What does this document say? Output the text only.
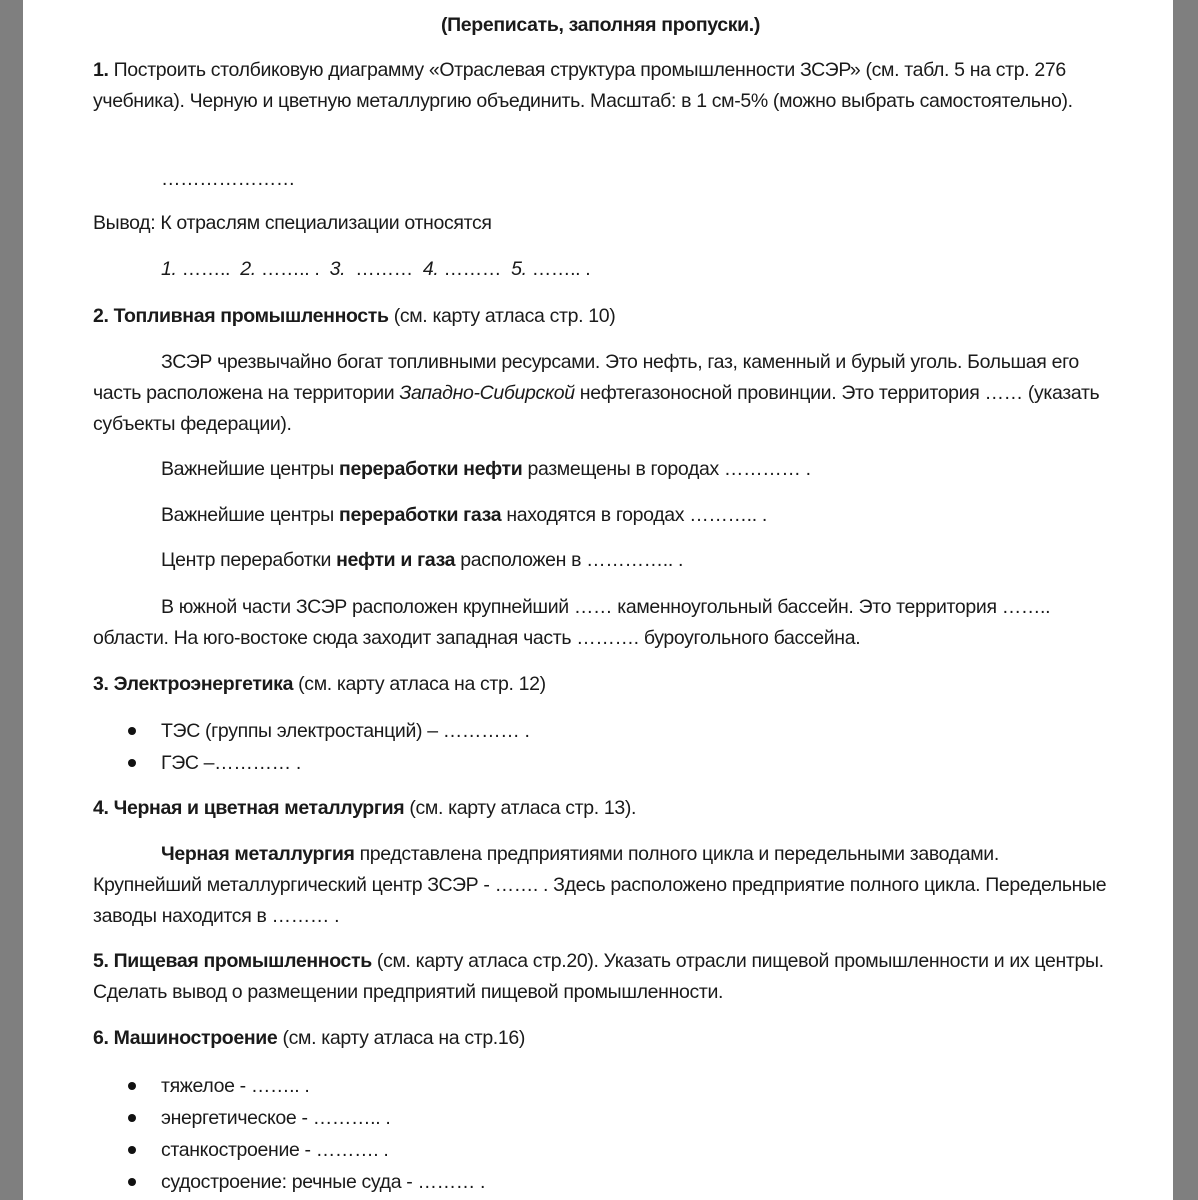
(Переписать, заполняя пропуски.)

1. Построить столбиковую диаграмму «Отраслевая структура промышленности ЗСЭР» (см. табл. 5 на стр. 276 учебника). Черную и цветную металлургию объединить. Масштаб: в 1 см-5% (можно выбрать самостоятельно).

…………………

Вывод: К отраслям специализации относятся

1. ……..  2. …….. .  3.  ………  4. ………  5. …….. .

2. Топливная промышленность (см. карту атласа стр. 10)

ЗСЭР чрезвычайно богат топливными ресурсами. Это нефть, газ, каменный и бурый уголь. Большая его часть расположена на территории Западно-Сибирской нефтегазоносной провинции. Это территория …… (указать субъекты федерации).

Важнейшие центры переработки нефти размещены в городах ………… .

Важнейшие центры переработки газа находятся в городах ……….. .

Центр переработки нефти и газа расположен в ………….. .

В южной части ЗСЭР расположен крупнейший …… каменноугольный бассейн. Это территория …….. области. На юго-востоке сюда заходит западная часть ………. буроугольного бассейна.

3. Электроэнергетика (см. карту атласа на стр. 12)

ТЭС (группы электростанций) – ………… .
ГЭС –………… .

4. Черная и цветная металлургия (см. карту атласа стр. 13).

Черная металлургия представлена предприятиями полного цикла и передельными заводами. Крупнейший металлургический центр ЗСЭР - ……. . Здесь расположено предприятие полного цикла. Передельные заводы находится в ……… .

5. Пищевая промышленность (см. карту атласа стр.20). Указать отрасли пищевой промышленности и их центры. Сделать вывод о размещении предприятий пищевой промышленности.

6. Машиностроение (см. карту атласа на стр.16)

тяжелое - …….. .
энергетическое - ……….. .
станкостроение - ………. .
судостроение: речные суда - ……… .
